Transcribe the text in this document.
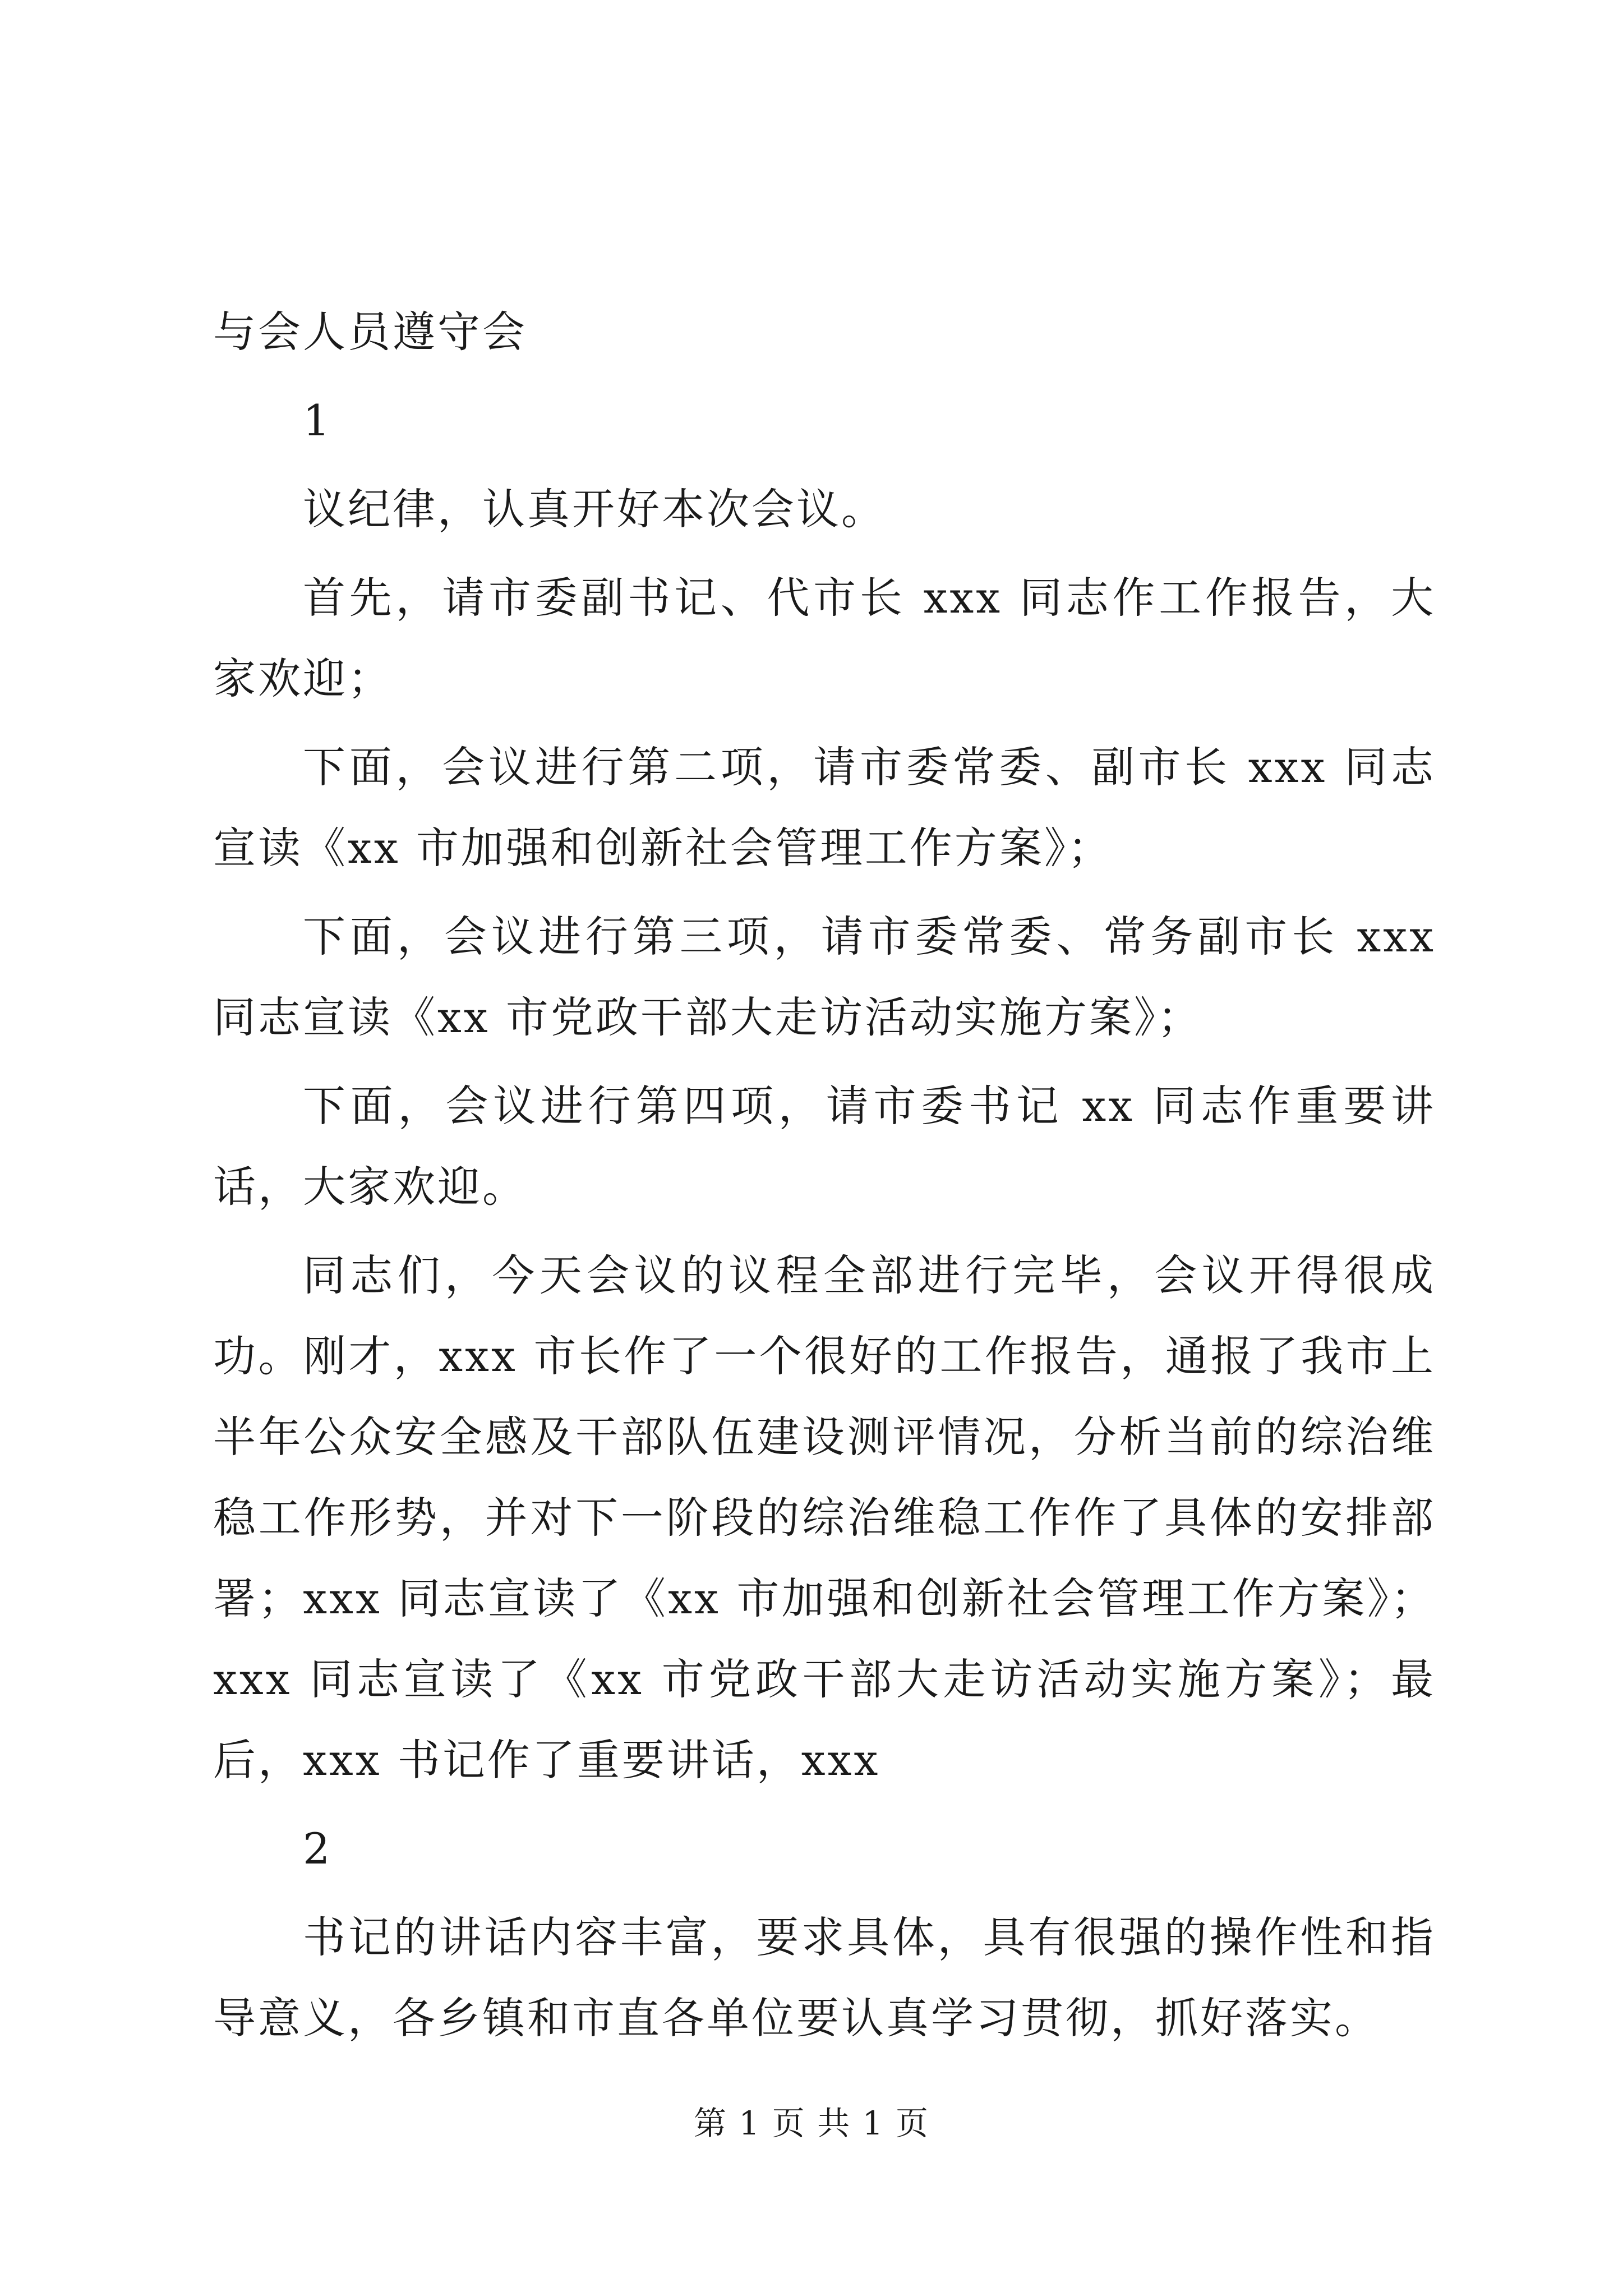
与会人员遵守会

1

议纪律，认真开好本次会议。

首先，请市委副书记、代市长 xxx 同志作工作报告，大家欢迎；

下面，会议进行第二项，请市委常委、副市长 xxx 同志宣读《xx 市加强和创新社会管理工作方案》；

下面，会议进行第三项，请市委常委、常务副市长 xxx 同志宣读《xx 市党政干部大走访活动实施方案》；

下面，会议进行第四项，请市委书记 xx 同志作重要讲话，大家欢迎。

同志们，今天会议的议程全部进行完毕，会议开得很成功。刚才，xxx 市长作了一个很好的工作报告，通报了我市上半年公众安全感及干部队伍建设测评情况，分析当前的综治维稳工作形势，并对下一阶段的综治维稳工作作了具体的安排部署；xxx 同志宣读了《xx 市加强和创新社会管理工作方案》；xxx 同志宣读了《xx 市党政干部大走访活动实施方案》；最后，xxx 书记作了重要讲话，xxx

2

书记的讲话内容丰富，要求具体，具有很强的操作性和指导意义，各乡镇和市直各单位要认真学习贯彻，抓好落实。

第 1 页 共 1 页
